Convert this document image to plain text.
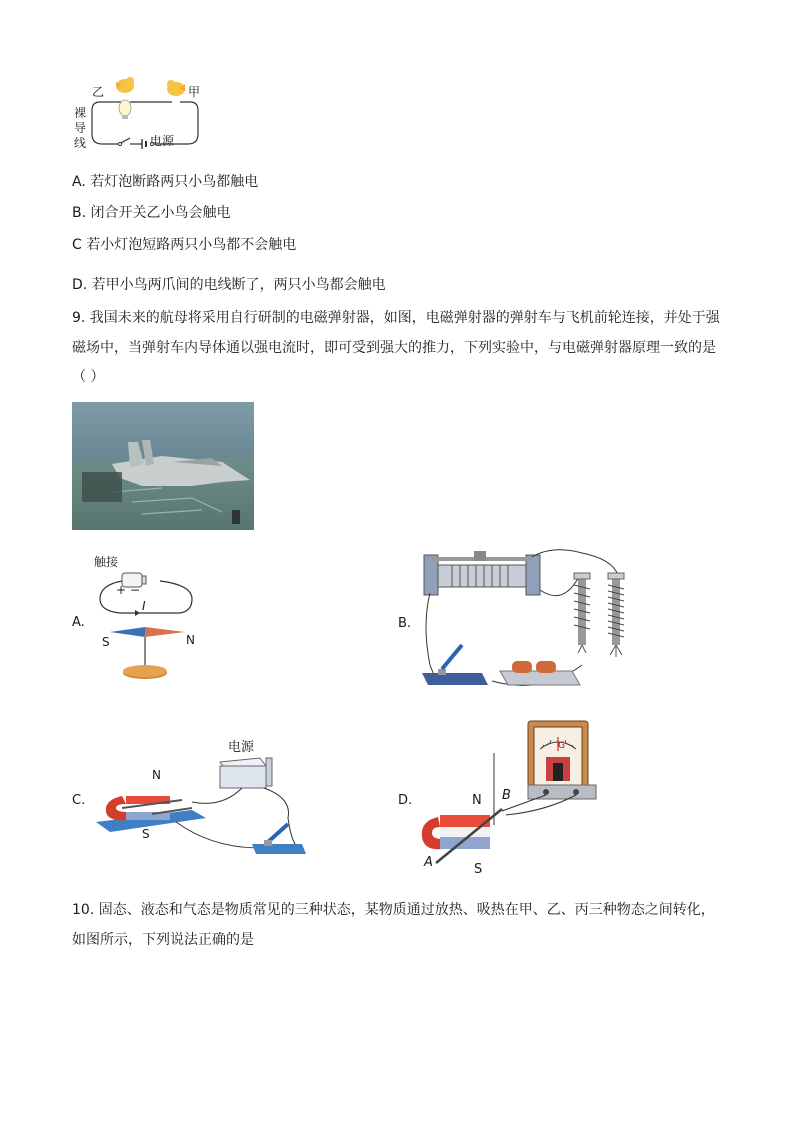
乙	甲
裸导线	电源
A. 若灯泡断路两只小鸟都触电
B. 闭合开关乙小鸟会触电
C 若小灯泡短路两只小鸟都不会触电
D. 若甲小鸟两爪间的电线断了，两只小鸟都会触电
9. 我国未来的航母将采用自行研制的电磁弹射器，如图，电磁弹射器的弹射车与飞机前轮连接，并处于强
磁场中，当弹射车内导体通以强电流时，即可受到强大的推力，下列实验中，与电磁弹射器原理一致的是
（ ）
A.
触接
+ −
I
S	N
B.
C.
电源
N
S
D.	N B
A	S
G
10. 固态、液态和气态是物质常见的三种状态，某物质通过放热、吸热在甲、乙、丙三种物态之间转化，
如图所示，下列说法正确的是
